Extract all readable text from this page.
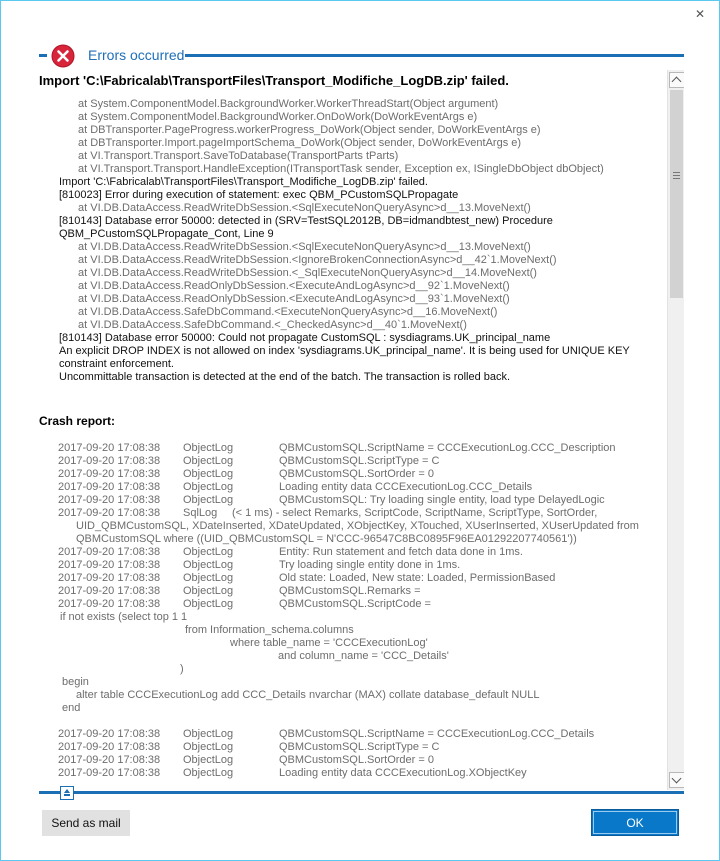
✕
Errors occurred
Import 'C:\Fabricalab\TransportFiles\Transport_Modifiche_LogDB.zip' failed.
at System.ComponentModel.BackgroundWorker.WorkerThreadStart(Object argument)
at System.ComponentModel.BackgroundWorker.OnDoWork(DoWorkEventArgs e)
at DBTransporter.PageProgress.workerProgress_DoWork(Object sender, DoWorkEventArgs e)
at DBTransporter.Import.pageImportSchema_DoWork(Object sender, DoWorkEventArgs e)
at VI.Transport.Transport.SaveToDatabase(TransportParts tParts)
at VI.Transport.Transport.HandleException(ITransportTask sender, Exception ex, ISingleDbObject dbObject)
Import 'C:\Fabricalab\TransportFiles\Transport_Modifiche_LogDB.zip' failed.
[810023] Error during execution of statement: exec QBM_PCustomSQLPropagate
at VI.DB.DataAccess.ReadWriteDbSession.<SqlExecuteNonQueryAsync>d__13.MoveNext()
[810143] Database error 50000: detected in (SRV=TestSQL2012B, DB=idmandbtest_new) Procedure
QBM_PCustomSQLPropagate_Cont, Line 9
at VI.DB.DataAccess.ReadWriteDbSession.<SqlExecuteNonQueryAsync>d__13.MoveNext()
at VI.DB.DataAccess.ReadWriteDbSession.<IgnoreBrokenConnectionAsync>d__42`1.MoveNext()
at VI.DB.DataAccess.ReadWriteDbSession.<_SqlExecuteNonQueryAsync>d__14.MoveNext()
at VI.DB.DataAccess.ReadOnlyDbSession.<ExecuteAndLogAsync>d__92`1.MoveNext()
at VI.DB.DataAccess.ReadOnlyDbSession.<ExecuteAndLogAsync>d__93`1.MoveNext()
at VI.DB.DataAccess.SafeDbCommand.<ExecuteNonQueryAsync>d__16.MoveNext()
at VI.DB.DataAccess.SafeDbCommand.<_CheckedAsync>d__40`1.MoveNext()
[810143] Database error 50000: Could not propagate CustomSQL : sysdiagrams.UK_principal_name
An explicit DROP INDEX is not allowed on index 'sysdiagrams.UK_principal_name'. It is being used for UNIQUE KEY
constraint enforcement.
Uncommittable transaction is detected at the end of the batch. The transaction is rolled back.
Crash report:
2017-09-20 17:08:38 ObjectLog	QBMCustomSQL.ScriptName = CCCExecutionLog.CCC_Description
2017-09-20 17:08:38 ObjectLog	QBMCustomSQL.ScriptType = C
2017-09-20 17:08:38 ObjectLog	QBMCustomSQL.SortOrder = 0
2017-09-20 17:08:38 ObjectLog	Loading entity data CCCExecutionLog.CCC_Details
2017-09-20 17:08:38 ObjectLog	QBMCustomSQL: Try loading single entity, load type DelayedLogic
2017-09-20 17:08:38 SqlLog (< 1 ms) - select Remarks, ScriptCode, ScriptName, ScriptType, SortOrder,
UID_QBMCustomSQL, XDateInserted, XDateUpdated, XObjectKey, XTouched, XUserInserted, XUserUpdated from
QBMCustomSQL where ((UID_QBMCustomSQL = N'CCC-96547C8BC0895F96EA01292207740561'))
2017-09-20 17:08:38 ObjectLog	Entity: Run statement and fetch data done in 1ms.
2017-09-20 17:08:38 ObjectLog	Try loading single entity done in 1ms.
2017-09-20 17:08:38 ObjectLog	Old state: Loaded, New state: Loaded, PermissionBased
2017-09-20 17:08:38 ObjectLog	QBMCustomSQL.Remarks =
2017-09-20 17:08:38 ObjectLog	QBMCustomSQL.ScriptCode =
if not exists (select top 1 1
from Information_schema.columns
where table_name = 'CCCExecutionLog'
and column_name = 'CCC_Details'
)
begin
alter table CCCExecutionLog add CCC_Details nvarchar (MAX) collate database_default NULL
end
2017-09-20 17:08:38 ObjectLog	QBMCustomSQL.ScriptName = CCCExecutionLog.CCC_Details
2017-09-20 17:08:38 ObjectLog	QBMCustomSQL.ScriptType = C
2017-09-20 17:08:38 ObjectLog	QBMCustomSQL.SortOrder = 0
2017-09-20 17:08:38 ObjectLog	Loading entity data CCCExecutionLog.XObjectKey
Send as mail	OK
